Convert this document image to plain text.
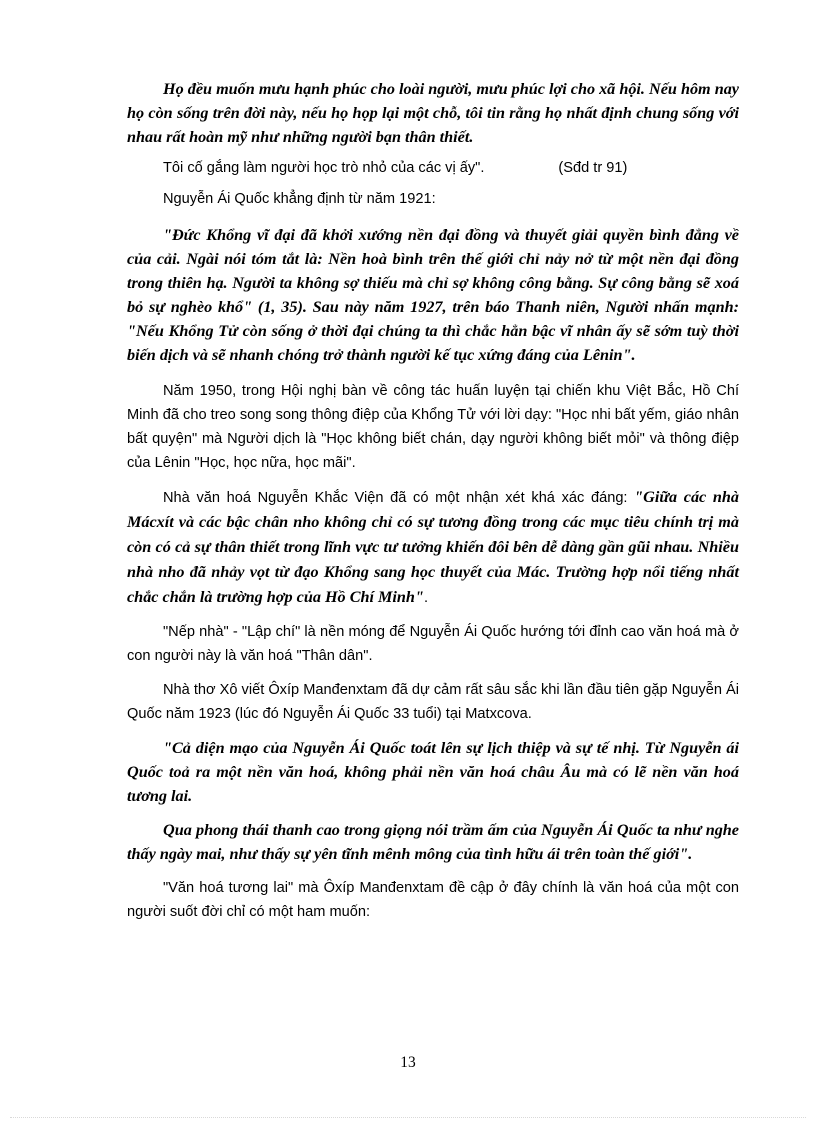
Họ đều muốn mưu hạnh phúc cho loài người, mưu phúc lợi cho xã hội. Nếu hôm nay họ còn sống trên đời này, nếu họ họp lại một chỗ, tôi tin rằng họ nhất định chung sống với nhau rất hoàn mỹ như những người bạn thân thiết.

Tôi cố gắng làm người học trò nhỏ của các vị ấy".	(Sđd tr 91)

Nguyễn Ái Quốc khẳng định từ năm 1921:

"Đức Khổng vĩ đại đã khởi xướng nền đại đồng và thuyết giải quyền bình đẳng về của cải. Ngài nói tóm tắt là: Nền hoà bình trên thế giới chỉ nảy nở từ một nền đại đồng trong thiên hạ. Người ta không sợ thiếu mà chỉ sợ không công bằng. Sự công bằng sẽ xoá bỏ sự nghèo khổ" (1, 35). Sau này năm 1927, trên báo Thanh niên, Người nhấn mạnh: "Nếu Khổng Tử còn sống ở thời đại chúng ta thì chắc hẳn bậc vĩ nhân ấy sẽ sớm tuỳ thời biến dịch và sẽ nhanh chóng trở thành người kế tục xứng đáng của Lênin".

Năm 1950, trong Hội nghị bàn về công tác huấn luyện tại chiến khu Việt Bắc, Hồ Chí Minh đã cho treo song song thông điệp của Khổng Tử với lời dạy: "Học nhi bất yếm, giáo nhân bất quyện" mà Người dịch là "Học không biết chán, dạy người không biết mỏi" và thông điệp của Lênin "Học, học nữa, học mãi".

Nhà văn hoá Nguyễn Khắc Viện đã có một nhận xét khá xác đáng: "Giữa các nhà Mácxít và các bậc chân nho không chỉ có sự tương đồng trong các mục tiêu chính trị mà còn có cả sự thân thiết trong lĩnh vực tư tưởng khiến đôi bên dễ dàng gần gũi nhau. Nhiều nhà nho đã nhảy vọt từ đạo Khổng sang học thuyết của Mác. Trường hợp nổi tiếng nhất chắc chắn là trường hợp của Hồ Chí Minh".

"Nếp nhà" - "Lập chí" là nền móng để Nguyễn Ái Quốc hướng tới đỉnh cao văn hoá mà ở con người này là văn hoá "Thân dân".

Nhà thơ Xô viết Ôxíp Manđenxtam đã dự cảm rất sâu sắc khi lần đầu tiên gặp Nguyễn Ái Quốc năm 1923 (lúc đó Nguyễn Ái Quốc 33 tuổi) tại Matxcova.

"Cả diện mạo của Nguyễn Ái Quốc toát lên sự lịch thiệp và sự tế nhị. Từ Nguyễn ái Quốc toả ra một nền văn hoá, không phải nền văn hoá châu Âu mà có lẽ nền văn hoá tương lai.

Qua phong thái thanh cao trong giọng nói trầm ấm của Nguyễn Ái Quốc ta như nghe thấy ngày mai, như thấy sự yên tĩnh mênh mông của tình hữu ái trên toàn thế giới".

"Văn hoá tương lai" mà Ôxíp Manđenxtam đề cập ở đây chính là văn hoá của một con người suốt đời chỉ có một ham muốn:

13
